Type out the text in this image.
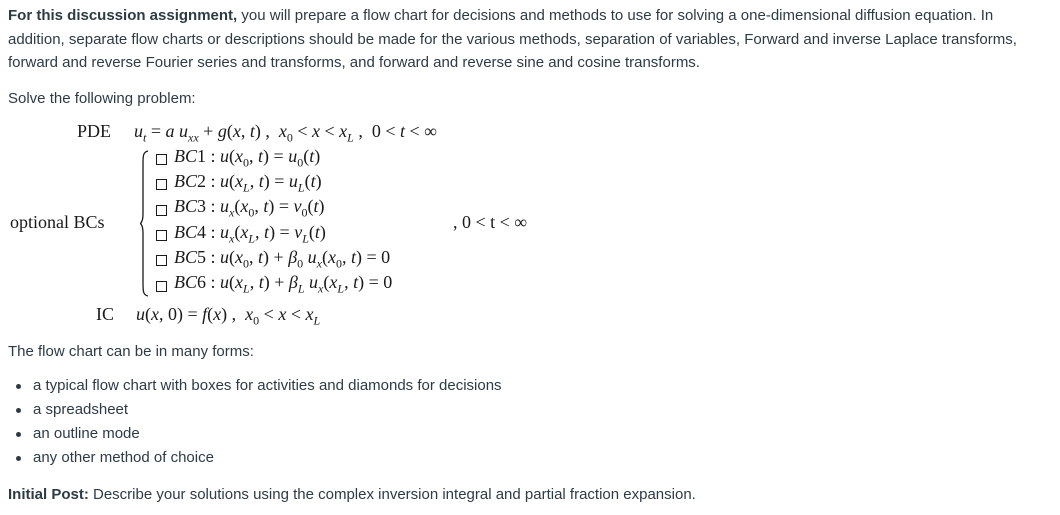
For this discussion assignment, you will prepare a flow chart for decisions and methods to use for solving a one-dimensional diffusion equation. In addition, separate flow charts or descriptions should be made for the various methods, separation of variables, Forward and inverse Laplace transforms, forward and reverse Fourier series and transforms, and forward and reverse sine and cosine transforms.

Solve the following problem:

PDE $u_t = a$ $u_{xx} + g(x$, t) ,  $x_0 < x < x_L$ ,  0 < t < ∞
optional BCs
BC1 : $u(x_0$, $t) = u_0(t)$
BC2 : $u(x_L$, $t) = u_L(t)$
BC3 : $u_x(x_0$, $t) = v_0(t)$
BC4 : $u_x(x_L$, $t) = v_L(t)$
BC5 : $u(x_0$, $t) + \beta_0$ $u_x(x_0$, t) = 0
BC6 : $u(x_L$, $t) + \beta_L$ $u_x(x_L$, t) = 0
, 0 < t < ∞
IC u(x, 0) = f(x) ,  $x_0 < x < x_L$

The flow chart can be in many forms:

a typical flow chart with boxes for activities and diamonds for decisions
a spreadsheet
an outline mode
any other method of choice

Initial Post: Describe your solutions using the complex inversion integral and partial fraction expansion.
